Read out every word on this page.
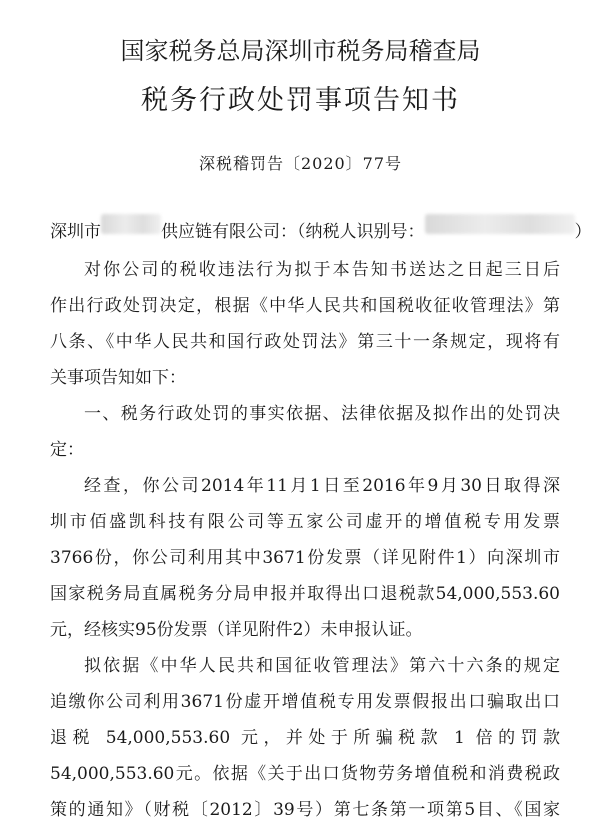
国家税务总局深圳市税务局稽查局
税务行政处罚事项告知书
深税稽罚告〔2020〕77号
深圳市	供应链有限公司：（纳税人识别号：	）
对你公司的税收违法行为拟于本告知书送达之日起三日后
作出行政处罚决定，根据《中华人民共和国税收征收管理法》第
八条、《中华人民共和国行政处罚法》第三十一条规定，现将有
关事项告知如下：
一、税务行政处罚的事实依据、法律依据及拟作出的处罚决
定：
经查，你公司2014年11月1日至2016年9月30日取得深
圳市佰盛凯科技有限公司等五家公司虚开的增值税专用发票
3766份，你公司利用其中3671份发票（详见附件1）向深圳市
国家税务局直属税务分局申报并取得出口退税款54,000,553.60
元，经核实95份发票（详见附件2）未申报认证。
拟依据《中华人民共和国征收管理法》第六十六条的规定
追缴你公司利用3671份虚开增值税专用发票假报出口骗取出口
退税 54,000,553.60 元，并处于所骗税款 1 倍的罚款
54,000,553.60元。依据《关于出口货物劳务增值税和消费税政
策的通知》（财税〔2012〕39号）第七条第一项第5目、《国家
